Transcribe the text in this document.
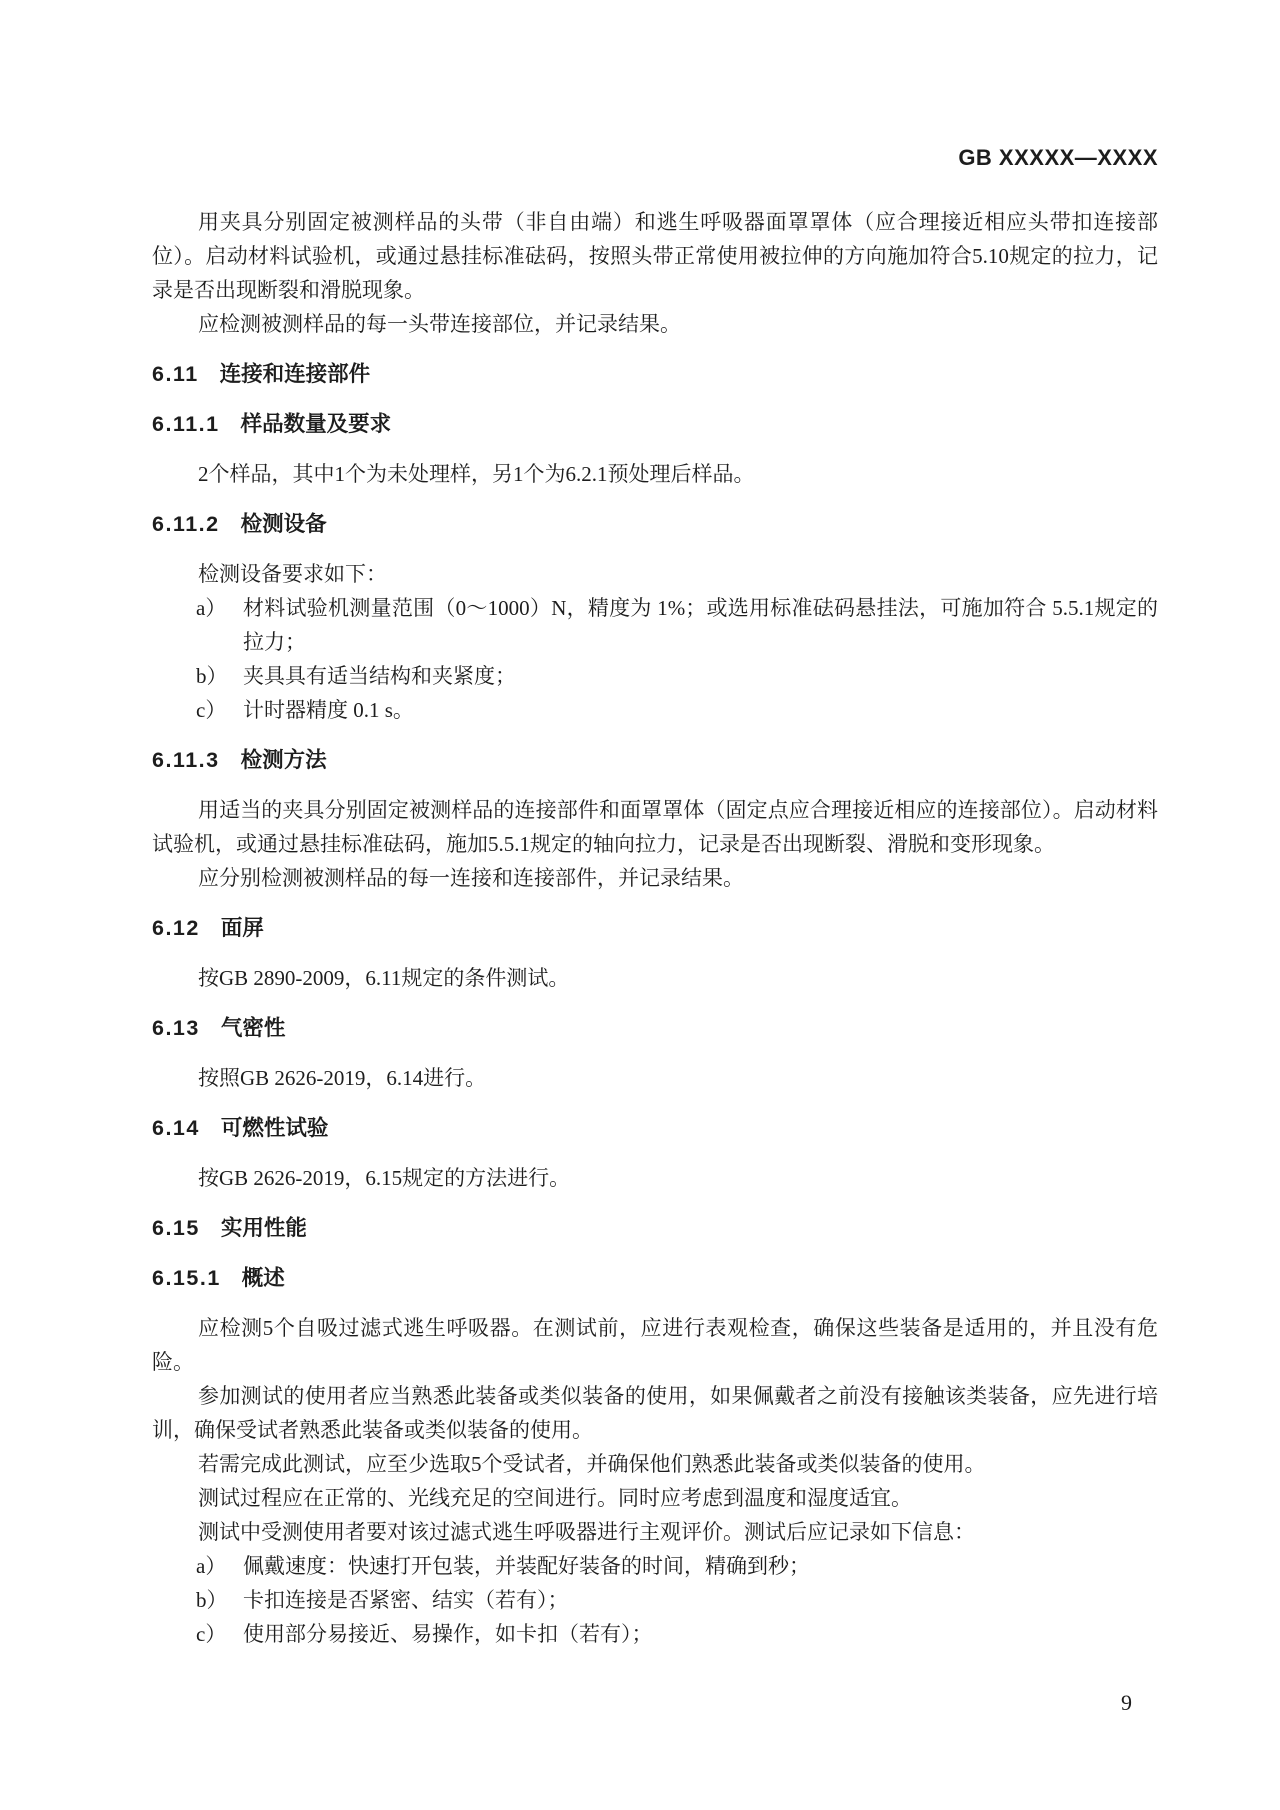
GB XXXXX—XXXX

用夹具分别固定被测样品的头带（非自由端）和逃生呼吸器面罩罩体（应合理接近相应头带扣连接部位）。启动材料试验机，或通过悬挂标准砝码，按照头带正常使用被拉伸的方向施加符合5.10规定的拉力，记录是否出现断裂和滑脱现象。

应检测被测样品的每一头带连接部位，并记录结果。

6.11 连接和连接部件
6.11.1 样品数量及要求

2个样品，其中1个为未处理样，另1个为6.2.1预处理后样品。

6.11.2 检测设备

检测设备要求如下：

a） 材料试验机测量范围（0～1000）N，精度为 1%；或选用标准砝码悬挂法，可施加符合 5.5.1规定的拉力；
b） 夹具具有适当结构和夹紧度；
c） 计时器精度 0.1 s。
6.11.3 检测方法

用适当的夹具分别固定被测样品的连接部件和面罩罩体（固定点应合理接近相应的连接部位）。启动材料试验机，或通过悬挂标准砝码，施加5.5.1规定的轴向拉力，记录是否出现断裂、滑脱和变形现象。

应分别检测被测样品的每一连接和连接部件，并记录结果。

6.12 面屏

按GB 2890-2009，6.11规定的条件测试。

6.13 气密性

按照GB 2626-2019，6.14进行。

6.14 可燃性试验

按GB 2626-2019，6.15规定的方法进行。

6.15 实用性能
6.15.1 概述

应检测5个自吸过滤式逃生呼吸器。在测试前，应进行表观检查，确保这些装备是适用的，并且没有危险。

参加测试的使用者应当熟悉此装备或类似装备的使用，如果佩戴者之前没有接触该类装备，应先进行培训，确保受试者熟悉此装备或类似装备的使用。

若需完成此测试，应至少选取5个受试者，并确保他们熟悉此装备或类似装备的使用。

测试过程应在正常的、光线充足的空间进行。同时应考虑到温度和湿度适宜。

测试中受测使用者要对该过滤式逃生呼吸器进行主观评价。测试后应记录如下信息：

a） 佩戴速度：快速打开包装，并装配好装备的时间，精确到秒；
b） 卡扣连接是否紧密、结实（若有）；
c） 使用部分易接近、易操作，如卡扣（若有）；
9
